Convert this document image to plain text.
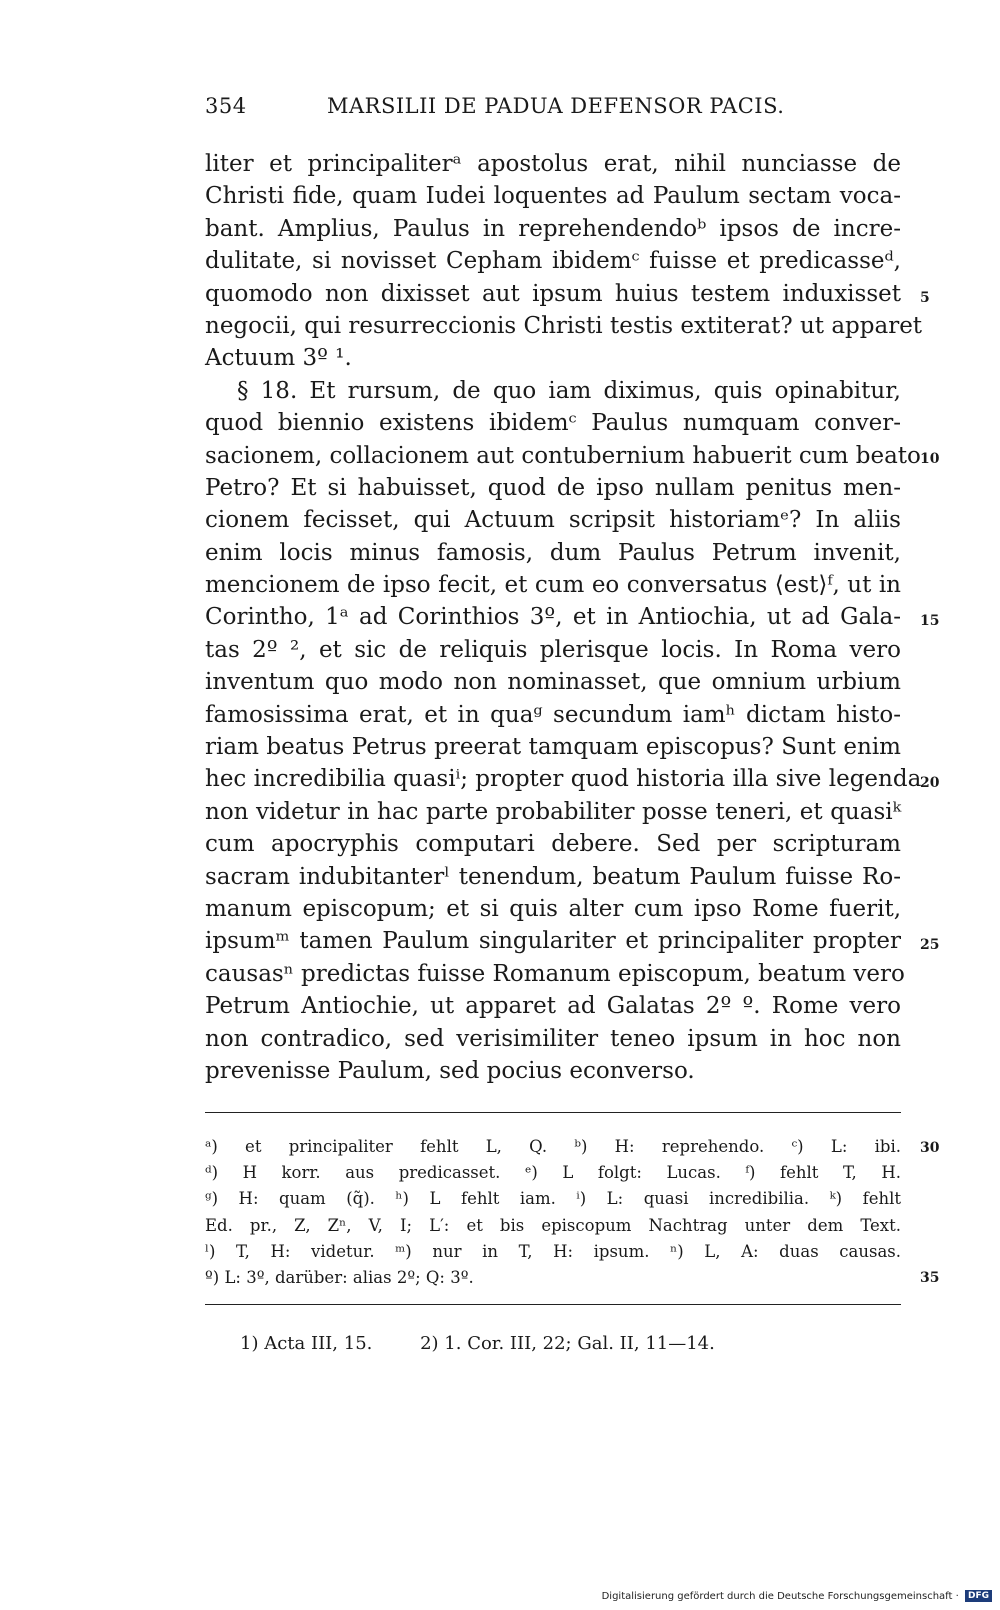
354	MARSILII DE PADUA DEFENSOR PACIS.
liter et principaliterᵃ apostolus erat, nihil nunciasse de
Christi fide, quam Iudei loquentes ad Paulum sectam voca-
bant. Amplius, Paulus in reprehendendoᵇ ipsos de incre-
dulitate, si novisset Cepham ibidemᶜ fuisse et predicasseᵈ,
quomodo non dixisset aut ipsum huius testem induxisset
negocii, qui resurreccionis Christi testis extiterat? ut apparet
Actuum 3º ¹.
§ 18. Et rursum, de quo iam diximus, quis opinabitur,
quod biennio existens ibidemᶜ Paulus numquam conver-
sacionem, collacionem aut contubernium habuerit cum beato
Petro? Et si habuisset, quod de ipso nullam penitus men-
cionem fecisset, qui Actuum scripsit historiamᵉ? In aliis
enim locis minus famosis, dum Paulus Petrum invenit,
mencionem de ipso fecit, et cum eo conversatus ⟨est⟩ᶠ, ut in
Corintho, 1ᵃ ad Corinthios 3º, et in Antiochia, ut ad Gala-
tas 2º ², et sic de reliquis plerisque locis. In Roma vero
inventum quo modo non nominasset, que omnium urbium
famosissima erat, et in quaᵍ secundum iamʰ dictam histo-
riam beatus Petrus preerat tamquam episcopus? Sunt enim
hec incredibilia quasiⁱ; propter quod historia illa sive legenda
non videtur in hac parte probabiliter posse teneri, et quasiᵏ
cum apocryphis computari debere. Sed per scripturam
sacram indubitanterˡ tenendum, beatum Paulum fuisse Ro-
manum episcopum; et si quis alter cum ipso Rome fuerit,
ipsumᵐ tamen Paulum singulariter et principaliter propter
causasⁿ predictas fuisse Romanum episcopum, beatum vero
Petrum Antiochie, ut apparet ad Galatas 2º º. Rome vero
non contradico, sed verisimiliter teneo ipsum in hoc non
prevenisse Paulum, sed pocius econverso.
5
10
15
20
25
ᵃ) et principaliter fehlt L, Q. ᵇ) H: reprehendo. ᶜ) L: ibi.
ᵈ) H korr. aus predicasset. ᵉ) L folgt: Lucas. ᶠ) fehlt T, H.
ᵍ) H: quam (q̃). ʰ) L fehlt iam. ⁱ) L: quasi incredibilia. ᵏ) fehlt
Ed. pr., Z, Zⁿ, V, I; L′: et bis episcopum Nachtrag unter dem Text.
ˡ) T, H: videtur. ᵐ) nur in T, H: ipsum. ⁿ) L, A: duas causas.
º) L: 3º, darüber: alias 2º; Q: 3º.
30
35
1) Acta III, 15.	2) 1. Cor. III, 22; Gal. II, 11—14.
Digitalisierung gefördert durch die Deutsche Forschungsgemeinschaft · DFG
